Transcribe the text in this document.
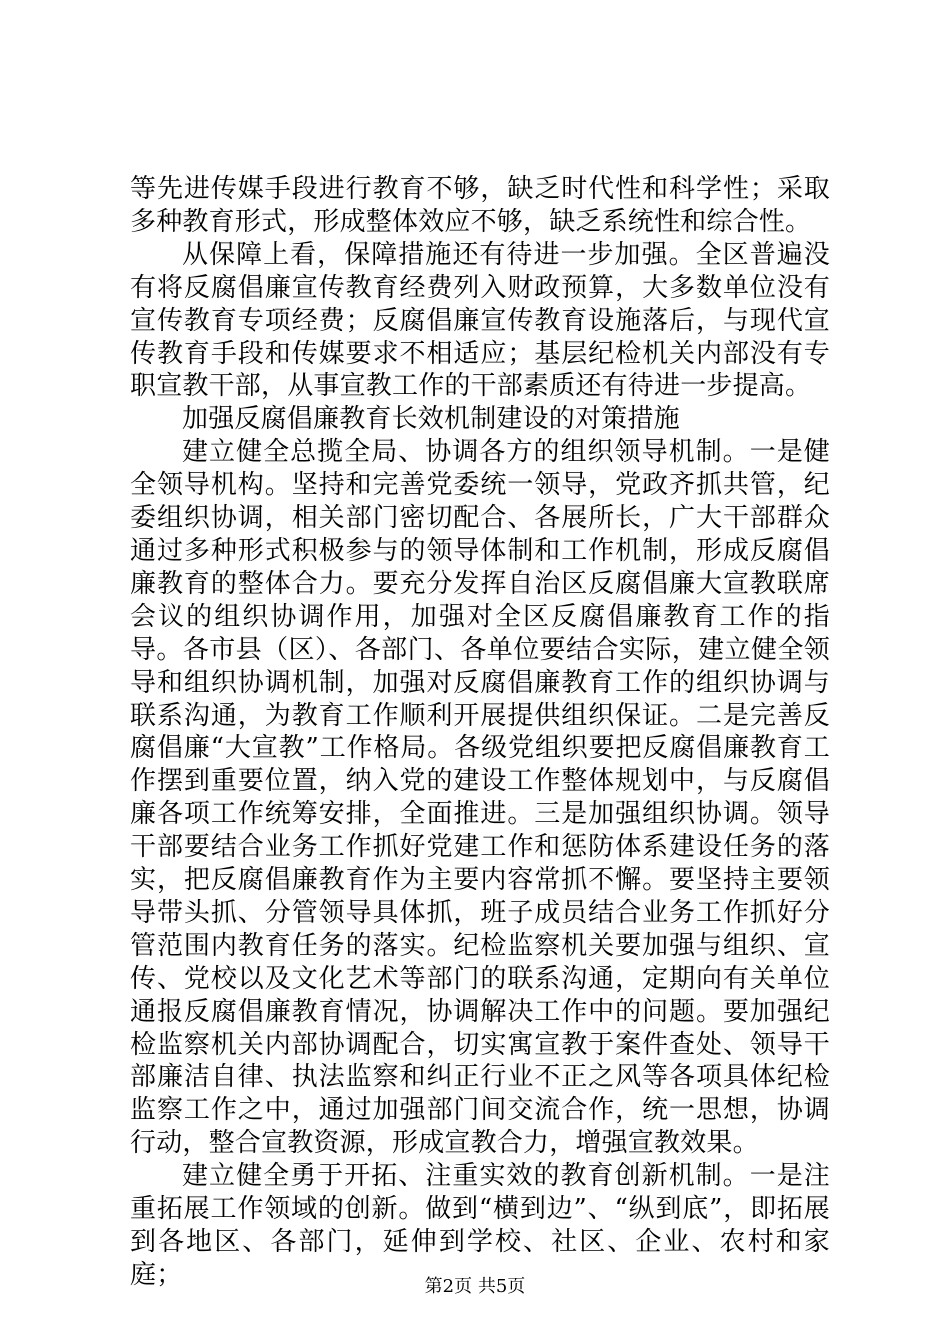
等先进传媒手段进行教育不够，缺乏时代性和科学性；采取多种教育形式，形成整体效应不够，缺乏系统性和综合性。

从保障上看，保障措施还有待进一步加强。全区普遍没有将反腐倡廉宣传教育经费列入财政预算，大多数单位没有宣传教育专项经费；反腐倡廉宣传教育设施落后，与现代宣传教育手段和传媒要求不相适应；基层纪检机关内部没有专职宣教干部，从事宣教工作的干部素质还有待进一步提高。

加强反腐倡廉教育长效机制建设的对策措施

建立健全总揽全局、协调各方的组织领导机制。一是健全领导机构。坚持和完善党委统一领导，党政齐抓共管，纪委组织协调，相关部门密切配合、各展所长，广大干部群众通过多种形式积极参与的领导体制和工作机制，形成反腐倡廉教育的整体合力。要充分发挥自治区反腐倡廉大宣教联席会议的组织协调作用，加强对全区反腐倡廉教育工作的指导。各市县（区）、各部门、各单位要结合实际，建立健全领导和组织协调机制，加强对反腐倡廉教育工作的组织协调与联系沟通，为教育工作顺利开展提供组织保证。二是完善反腐倡廉“大宣教”工作格局。各级党组织要把反腐倡廉教育工作摆到重要位置，纳入党的建设工作整体规划中，与反腐倡廉各项工作统筹安排，全面推进。三是加强组织协调。领导干部要结合业务工作抓好党建工作和惩防体系建设任务的落实，把反腐倡廉教育作为主要内容常抓不懈。要坚持主要领导带头抓、分管领导具体抓，班子成员结合业务工作抓好分管范围内教育任务的落实。纪检监察机关要加强与组织、宣传、党校以及文化艺术等部门的联系沟通，定期向有关单位通报反腐倡廉教育情况，协调解决工作中的问题。要加强纪检监察机关内部协调配合，切实寓宣教于案件查处、领导干部廉洁自律、执法监察和纠正行业不正之风等各项具体纪检监察工作之中，通过加强部门间交流合作，统一思想，协调行动，整合宣教资源，形成宣教合力，增强宣教效果。

建立健全勇于开拓、注重实效的教育创新机制。一是注重拓展工作领域的创新。做到“横到边”、“纵到底”，即拓展到各地区、各部门，延伸到学校、社区、企业、农村和家庭；	第2页 共5页
